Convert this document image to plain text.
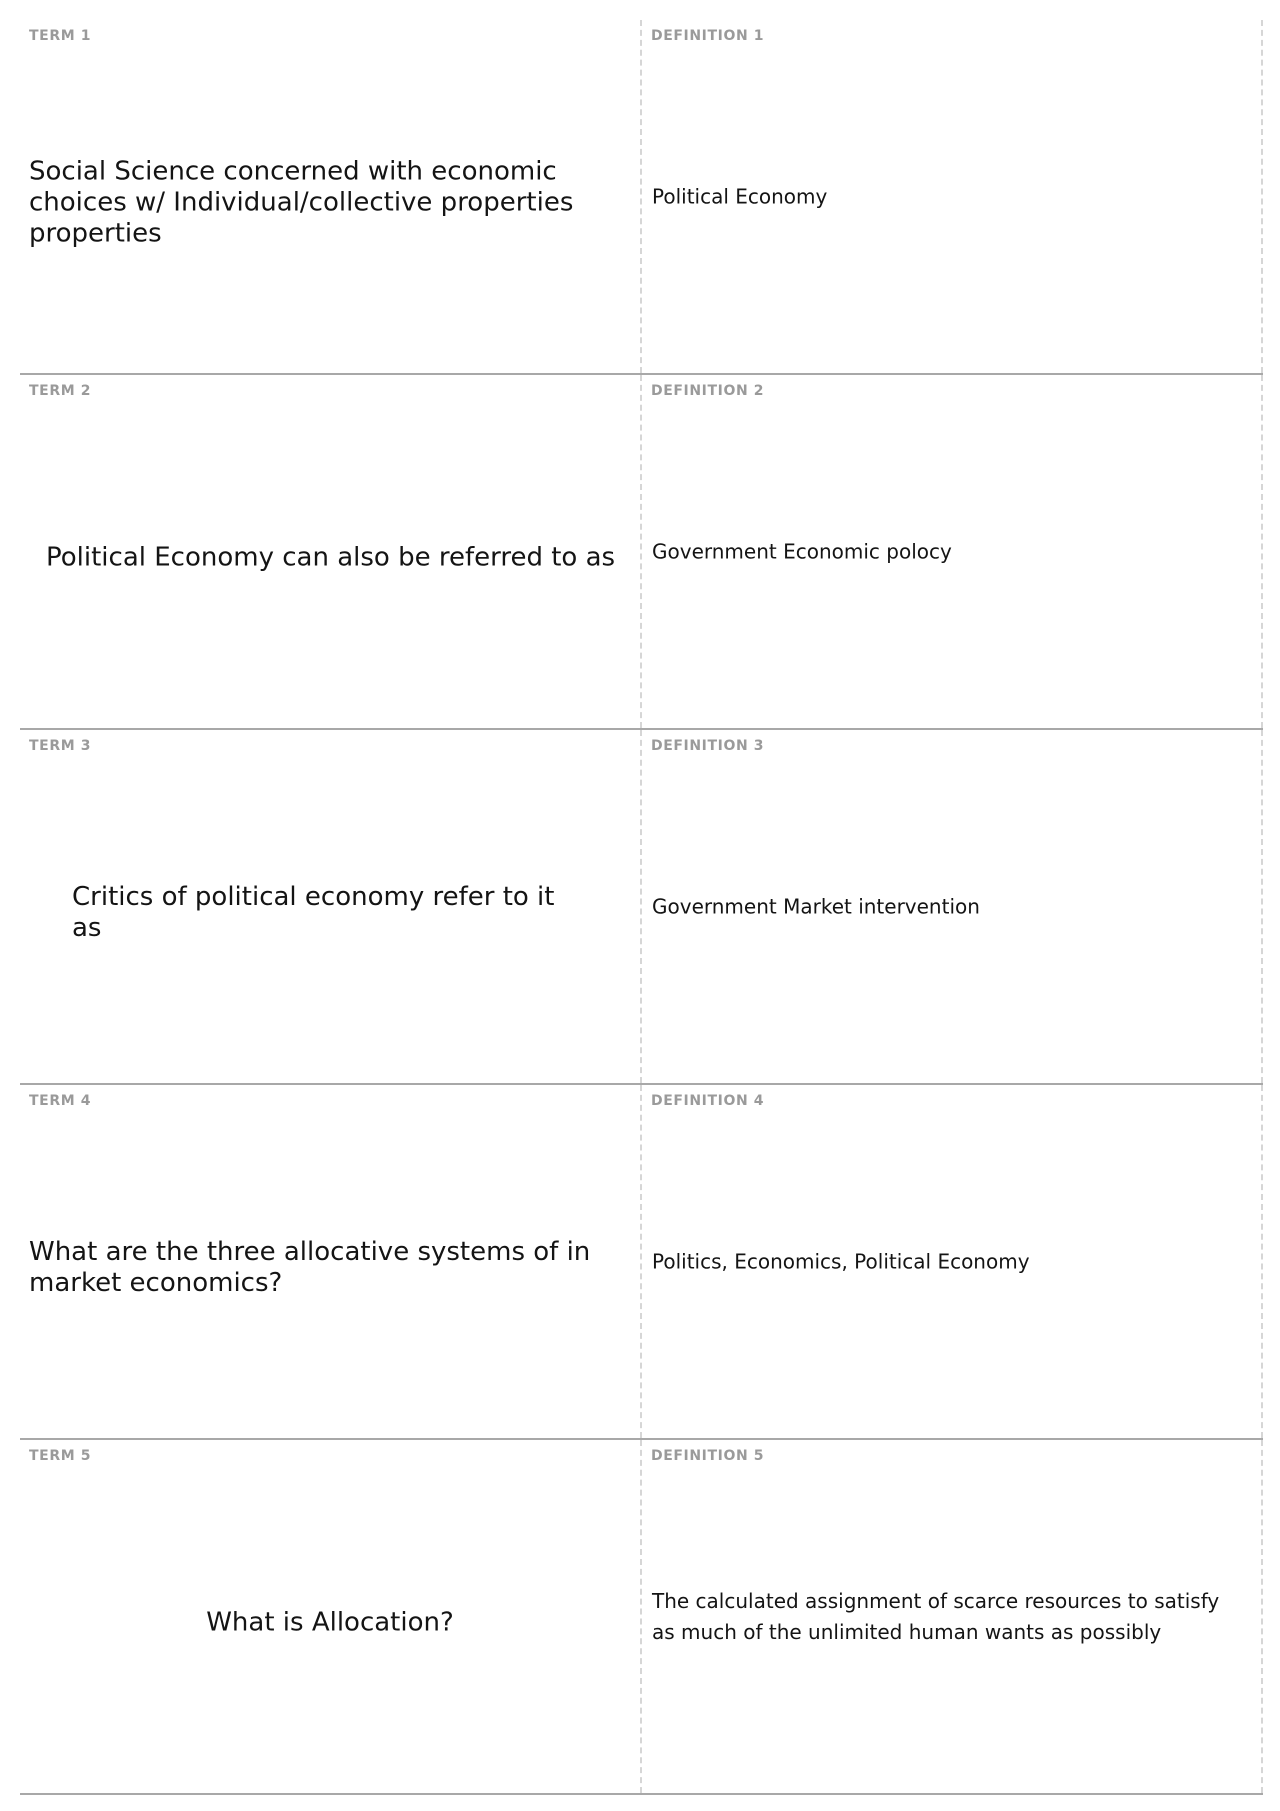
TERM 1
Social Science concerned with economic choices w/ Individual/collective properties properties
DEFINITION 1
Political Economy
TERM 2
Political Economy can also be referred to as
DEFINITION 2
Government Economic polocy
TERM 3
Critics of political economy refer to it as
DEFINITION 3
Government Market intervention
TERM 4
What are the three allocative systems of in market economics?
DEFINITION 4
Politics, Economics, Political Economy
TERM 5
What is Allocation?
DEFINITION 5
The calculated assignment of scarce resources to satisfy as much of the unlimited human wants as possibly
